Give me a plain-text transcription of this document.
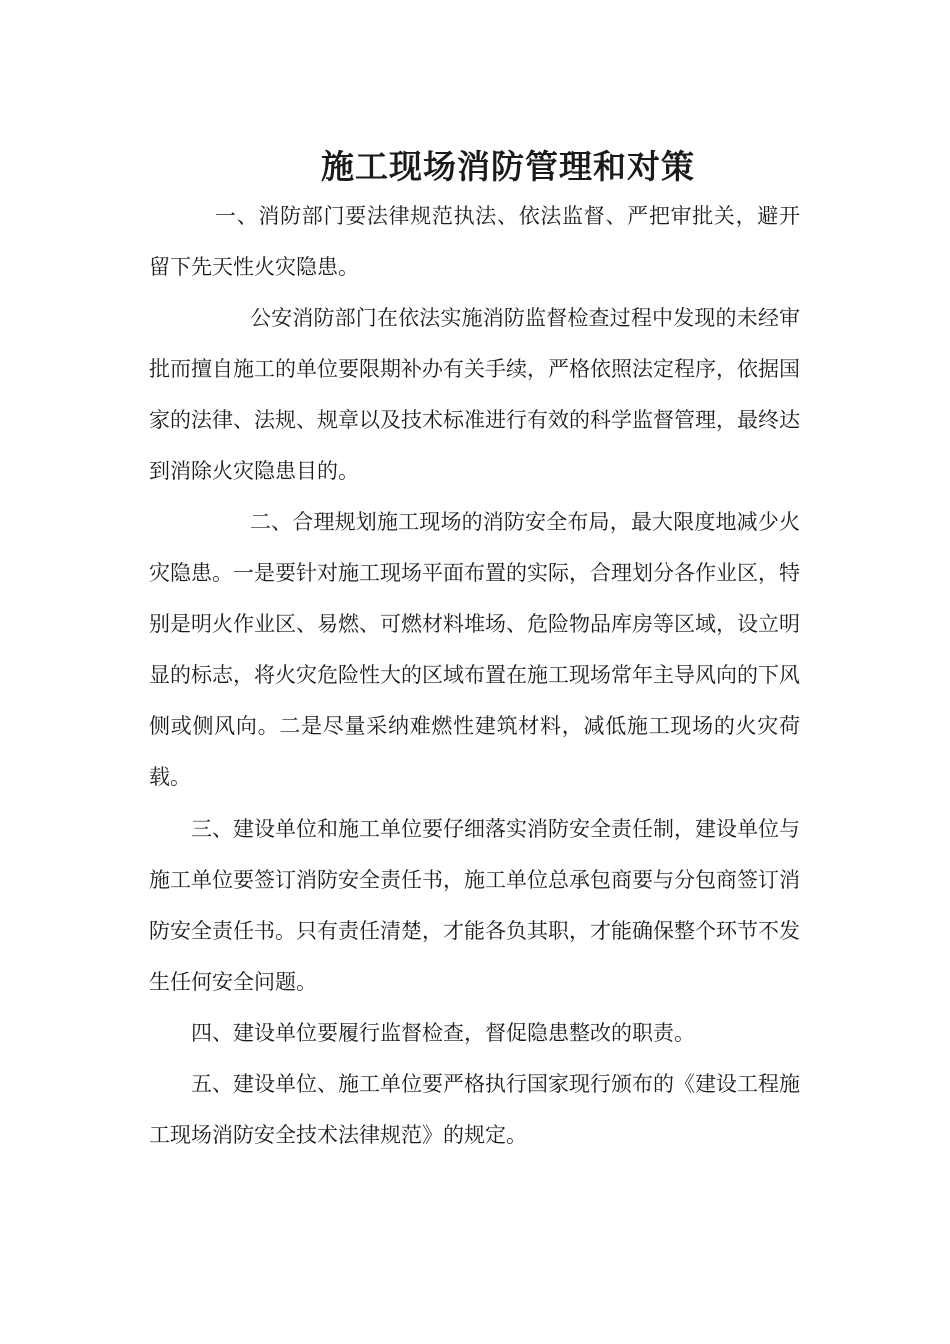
施工现场消防管理和对策

一、消防部门要法律规范执法、依法监督、严把审批关，避开留下先天性火灾隐患。

公安消防部门在依法实施消防监督检查过程中发现的未经审批而擅自施工的单位要限期补办有关手续，严格依照法定程序，依据国家的法律、法规、规章以及技术标准进行有效的科学监督管理，最终达到消除火灾隐患目的。

二、合理规划施工现场的消防安全布局，最大限度地减少火灾隐患。一是要针对施工现场平面布置的实际，合理划分各作业区，特别是明火作业区、易燃、可燃材料堆场、危险物品库房等区域，设立明显的标志，将火灾危险性大的区域布置在施工现场常年主导风向的下风侧或侧风向。二是尽量采纳难燃性建筑材料，减低施工现场的火灾荷载。

三、建设单位和施工单位要仔细落实消防安全责任制，建设单位与施工单位要签订消防安全责任书，施工单位总承包商要与分包商签订消防安全责任书。只有责任清楚，才能各负其职，才能确保整个环节不发生任何安全问题。

四、建设单位要履行监督检查，督促隐患整改的职责。

五、建设单位、施工单位要严格执行国家现行颁布的《建设工程施工现场消防安全技术法律规范》的规定。
